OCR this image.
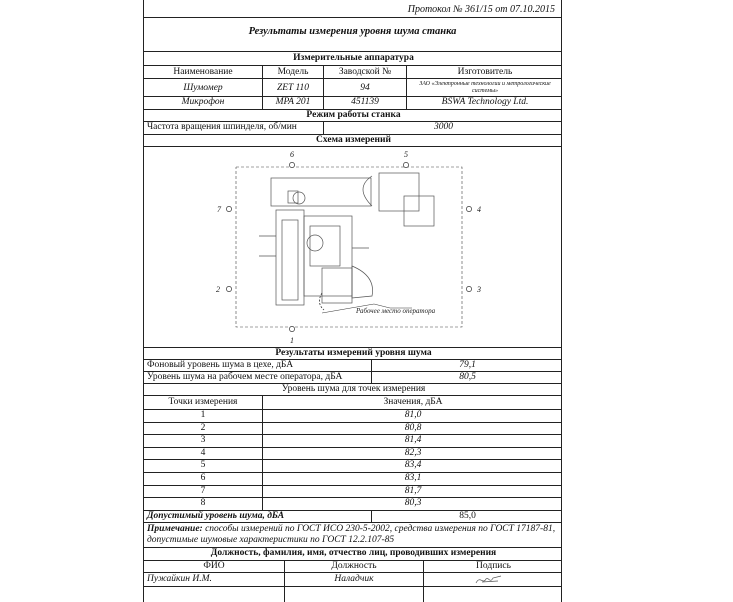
Протокол № 361/15 от 07.10.2015
Результаты измерения уровня шума станка
Измерительные аппаратура
Наименование	Модель	Заводской №	Изготовитель
Шумомер	ZET 110	94	ЗАО «Электронные технологии и метрологические системы»
Микрофон	MPA 201	451139	BSWA Technology Ltd.
Режим работы станка
Частота вращения шпинделя, об/мин	3000
Схема измерений
Рабочее место оператора
1
2	3
4
5
6
7
Результаты измерений уровня шума
Фоновый уровень шума в цехе, дБА	79,1
Уровень шума на рабочем месте оператора, дБА	80,5
Уровень шума для точек измерения
Точки измерения	Значения, дБА
1	81,0
2	80,8
3	81,4
4	82,3
5	83,4
6	83,1
7	81,7
8	80,3
Допустимый уровень шума, дБА	85,0
Примечание: способы измерений по ГОСТ ИСО 230-5-2002, средства измерения по ГОСТ 17187-81, допустимые шумовые характеристики по ГОСТ 12.2.107-85
Должность, фамилия, имя, отчество лиц, проводивших измерения
ФИО	Должность	Подпись
Пужайкин И.М.	Наладчик
